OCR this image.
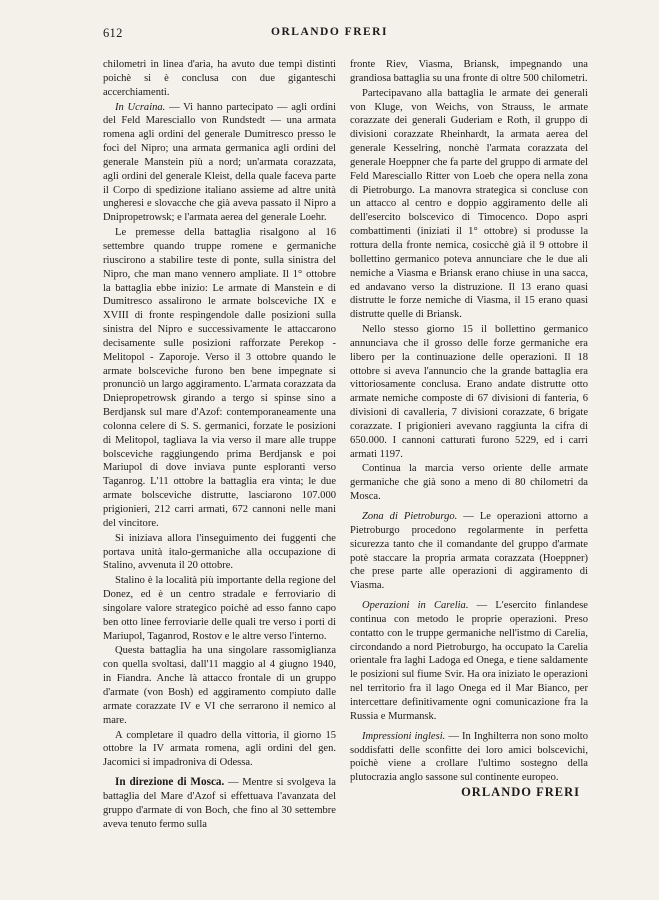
612	ORLANDO FRERI

chilometri in linea d'aria, ha avuto due tempi distinti poichè si è conclusa con due giganteschi accerchiamenti.

In Ucraina. — Vi hanno partecipato — agli ordini del Feld Maresciallo von Rundstedt — una armata romena agli ordini del generale Dumitresco presso le foci del Nipro; una armata germanica agli ordini del generale Manstein più a nord; un'armata corazzata, agli ordini del generale Kleist, della quale faceva parte il Corpo di spedizione italiano assieme ad altre unità ungheresi e slovacche che già aveva passato il Nipro a Dnipropetrowsk; e l'armata aerea del generale Loehr.

Le premesse della battaglia risalgono al 16 settembre quando truppe romene e germaniche riuscirono a stabilire teste di ponte, sulla sinistra del Nipro, che man mano vennero ampliate. Il 1° ottobre la battaglia ebbe inizio: Le armate di Manstein e di Dumitresco assalirono le armate bolsceviche IX e XVIII di fronte respingendole dalle posizioni sulla sinistra del Nipro e successivamente le attaccarono decisamente sulle posizioni rafforzate Perekop - Melitopol - Zaporoje. Verso il 3 ottobre quando le armate bolsceviche furono ben bene impegnate si pronunciò un largo aggiramento. L'armata corazzata da Dniepropetrowsk girando a tergo si spinse sino a Berdjansk sul mare d'Azof: contemporaneamente una colonna celere di S. S. germanici, forzate le posizioni di Melitopol, tagliava la via verso il mare alle truppe bolsceviche raggiungendo prima Berdjansk e poi Mariupol di dove inviava punte esploranti verso Taganrog. L'11 ottobre la battaglia era vinta; le due armate bolsceviche distrutte, lasciarono 107.000 prigionieri, 212 carri armati, 672 cannoni nelle mani del vincitore.

Si iniziava allora l'inseguimento dei fuggenti che portava unità italo-germaniche alla occupazione di Stalino, avvenuta il 20 ottobre.

Stalino è la località più importante della regione del Donez, ed è un centro stradale e ferroviario di singolare valore strategico poichè ad esso fanno capo ben otto linee ferroviarie delle quali tre verso i porti di Mariupol, Taganrod, Rostov e le altre verso l'interno.

Questa battaglia ha una singolare rassomiglianza con quella svoltasi, dall'11 maggio al 4 giugno 1940, in Fiandra. Anche là attacco frontale di un gruppo d'armate (von Bosh) ed aggiramento compiuto dalle armate corazzate IV e VI che serrarono il nemico al mare.

A completare il quadro della vittoria, il giorno 15 ottobre la IV armata romena, agli ordini del gen. Jacomici si impadroniva di Odessa.

In direzione di Mosca. — Mentre si svolgeva la battaglia del Mare d'Azof si effettuava l'avanzata del gruppo d'armate di von Boch, che fino al 30 settembre aveva tenuto fermo sulla

fronte Riev, Viasma, Briansk, impegnando una grandiosa battaglia su una fronte di oltre 500 chilometri.

Partecipavano alla battaglia le armate dei generali von Kluge, von Weichs, von Strauss, le armate corazzate dei generali Guderiam e Roth, il gruppo di divisioni corazzate Rheinhardt, la armata aerea del generale Kesselring, nonchè l'armata corazzata del generale Hoeppner che fa parte del gruppo di armate del Feld Maresciallo Ritter von Loeb che opera nella zona di Pietroburgo. La manovra strategica si concluse con un attacco al centro e doppio aggiramento delle ali dell'esercito bolscevico di Timocenco. Dopo aspri combattimenti (iniziati il 1° ottobre) si produsse la rottura della fronte nemica, cosicchè già il 9 ottobre il bollettino germanico poteva annunciare che le due ali nemiche a Viasma e Briansk erano chiuse in una sacca, ed andavano verso la distruzione. Il 13 erano quasi distrutte le forze nemiche di Viasma, il 15 erano quasi distrutte quelle di Briansk.

Nello stesso giorno 15 il bollettino germanico annunciava che il grosso delle forze germaniche era libero per la continuazione delle operazioni. Il 18 ottobre si aveva l'annuncio che la grande battaglia era vittoriosamente conclusa. Erano andate distrutte otto armate nemiche composte di 67 divisioni di fanteria, 6 divisioni di cavalleria, 7 divisioni corazzate, 6 brigate corazzate. I prigionieri avevano raggiunta la cifra di 650.000. I cannoni catturati furono 5229, ed i carri armati 1197.

Continua la marcia verso oriente delle armate germaniche che già sono a meno di 80 chilometri da Mosca.

Zona di Pietroburgo. — Le operazioni attorno a Pietroburgo procedono regolarmente in perfetta sicurezza tanto che il comandante del gruppo d'armate potè staccare la propria armata corazzata (Hoeppner) che prese parte alle operazioni di aggiramento di Viasma.

Operazioni in Carelia. — L'esercito finlandese continua con metodo le proprie operazioni. Preso contatto con le truppe germaniche nell'istmo di Carelia, circondando a nord Pietroburgo, ha occupato la Carelia orientale fra laghi Ladoga ed Onega, e tiene saldamente le posizioni sul fiume Svir. Ha ora iniziato le operazioni nel territorio fra il lago Onega ed il Mar Bianco, per intercettare definitivamente ogni comunicazione fra la Russia e Murmansk.

Impressioni inglesi. — In Inghilterra non sono molto soddisfatti delle sconfitte dei loro amici bolscevichi, poichè viene a crollare l'ultimo sostegno della plutocrazia anglo sassone sul continente europeo.

ORLANDO FRERI
